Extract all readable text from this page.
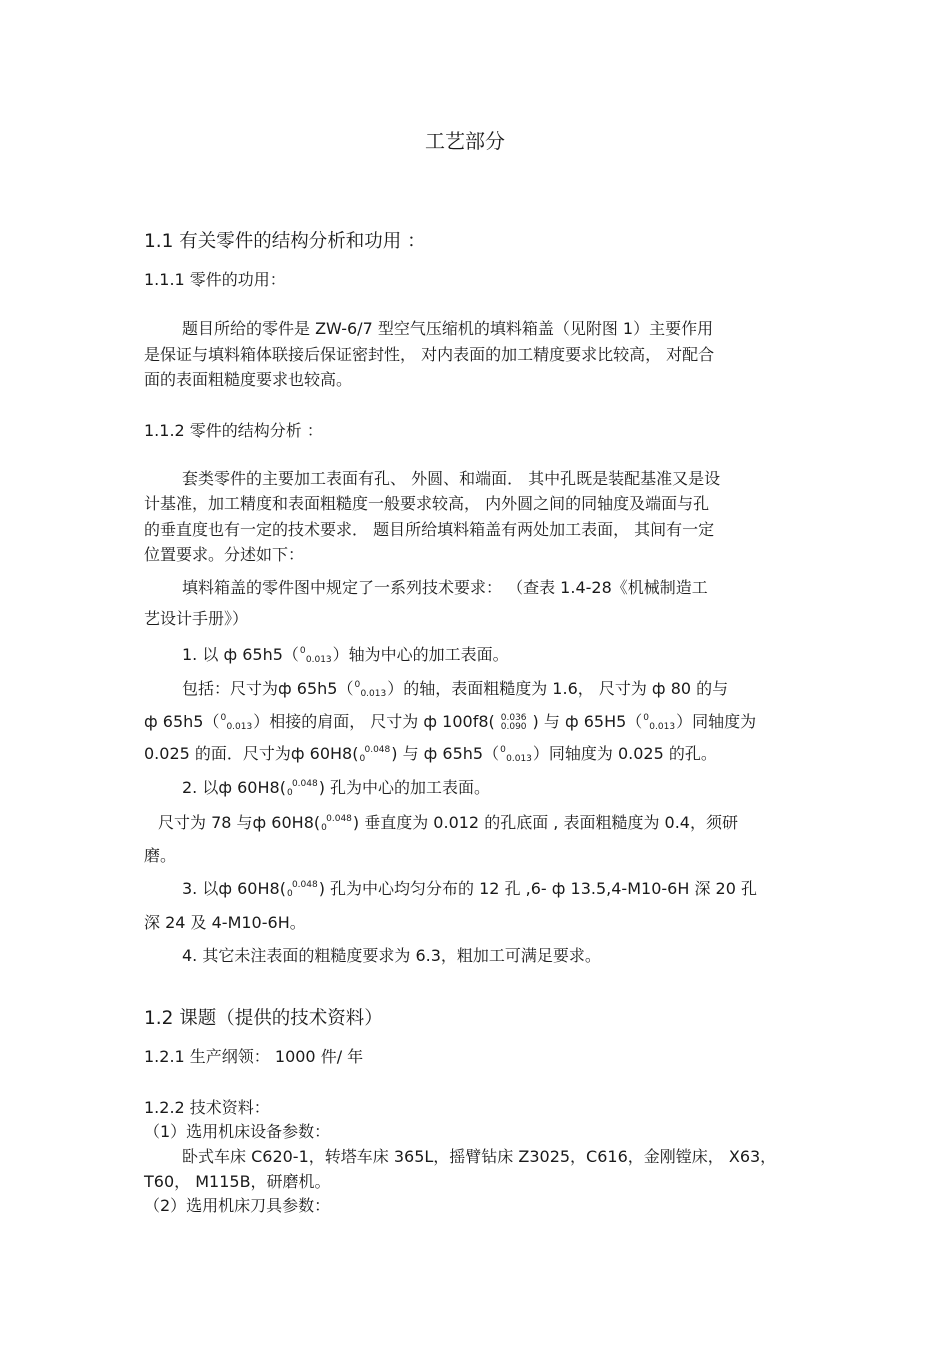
工艺部分
1.1 有关零件的结构分析和功用 ：
1.1.1 零件的功用：
题目所给的零件是 ZW-6/7 型空气压缩机的填料箱盖（见附图 1）主要作用
是保证与填料箱体联接后保证密封性， 对内表面的加工精度要求比较高， 对配合
面的表面粗糙度要求也较高。
1.1.2 零件的结构分析 ：
套类零件的主要加工表面有孔、 外圆、和端面． 其中孔既是装配基准又是设
计基准，加工精度和表面粗糙度一般要求较高， 内外圆之间的同轴度及端面与孔
的垂直度也有一定的技术要求． 题目所给填料箱盖有两处加工表面， 其间有一定
位置要求。分述如下：
填料箱盖的零件图中规定了一系列技术要求： （查表 1.4-28《机械制造工
艺设计手册》）
1. 以 ф 65h5（ 0
0.013 ）轴为中心的加工表面。
包括：尺寸为ф 65h5（ 0
0.013 ）的轴，表面粗糙度为 1.6， 尺寸为 ф 80 的与
ф 65h5（ 0
0.013 ）相接的肩面， 尺寸为 ф 100f8( 0.036
0.090 ) 与 ф 65H5（ 0
0.013 ）同轴度为
0.025 的面．尺寸为ф 60H8( 0.048
0	) 与 ф 65h5（ 0
0.013 ）同轴度为 0.025 的孔。
2. 以ф 60H8( 0.048
0	) 孔为中心的加工表面。
尺寸为 78 与ф 60H8( 0.048
0	) 垂直度为 0.012 的孔底面 , 表面粗糙度为 0.4，须研
磨。
3. 以ф 60H8( 0.048
0	) 孔为中心均匀分布的 12 孔 ,6- ф 13.5,4-M10-6H 深 20 孔
深 24 及 4-M10-6H。
4. 其它未注表面的粗糙度要求为 6.3，粗加工可满足要求。
1.2 课题（提供的技术资料）
1.2.1 生产纲领： 1000 件/ 年
1.2.2 技术资料：
（1）选用机床设备参数：
卧式车床 C620-1，转塔车床 365L，摇臂钻床 Z3025，C616，金刚镗床， X63，
T60， M115B，研磨机。
（2）选用机床刀具参数：
